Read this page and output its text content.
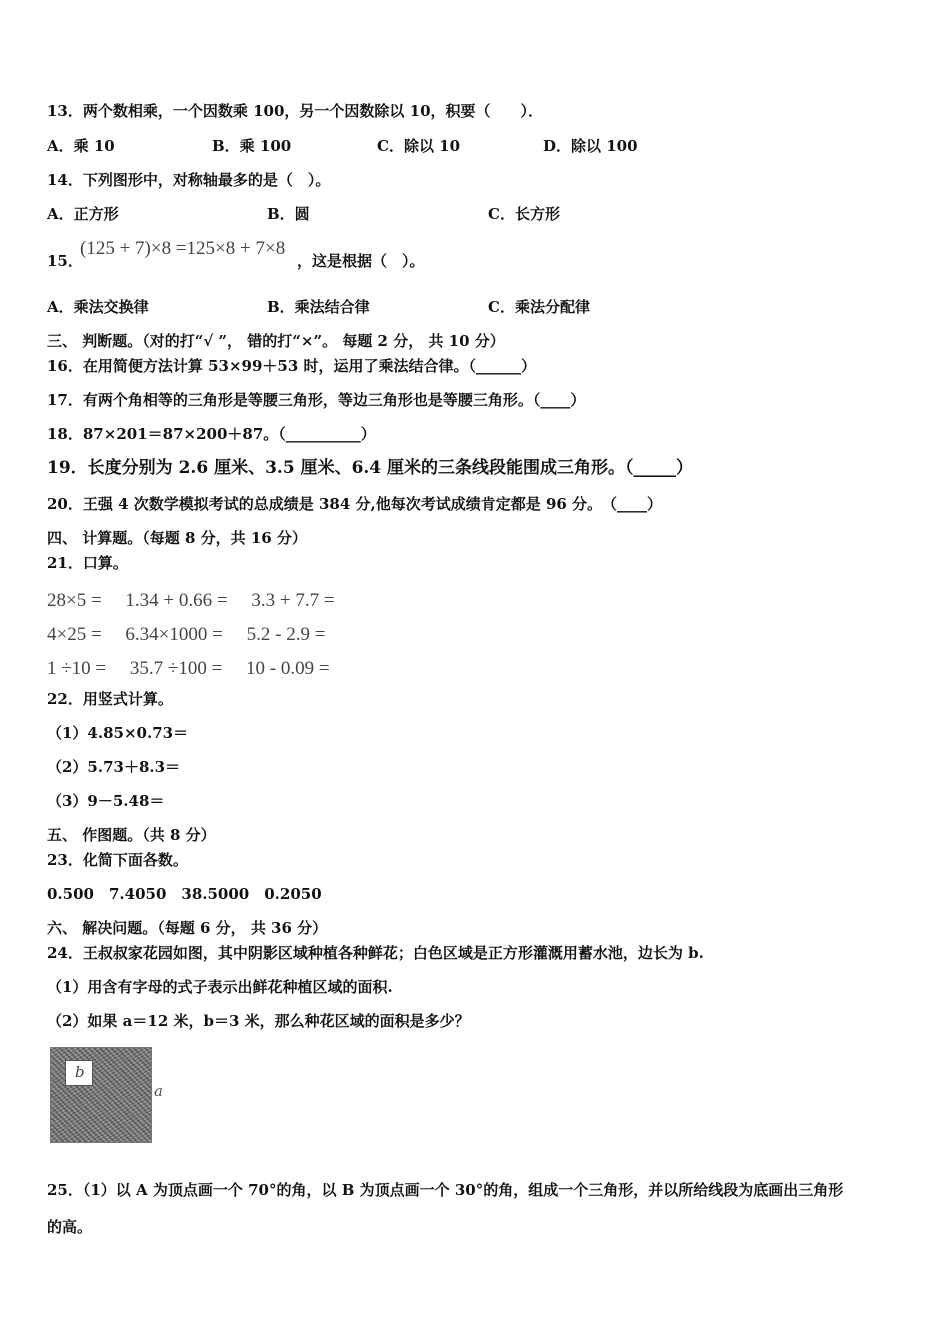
13．两个数相乘，一个因数乘 100，另一个因数除以 10，积要（　　）．
A．乘 10	B．乘 100	C．除以 10	D．除以 100
14．下列图形中，对称轴最多的是（　）。
A．正方形	B．圆	C．长方形
15．
(125 + 7)×8 =125×8 + 7×8
，这是根据（　）。
A．乘法交换律	B．乘法结合律	C．乘法分配律
三、 判断题。（对的打“√ ”， 错的打“×”。 每题 2 分， 共 10 分）
16．在用简便方法计算 53×99＋53 时，运用了乘法结合律。（______）
17．有两个角相等的三角形是等腰三角形，等边三角形也是等腰三角形。（____）
18．87×201＝87×200＋87。（__________）
19．长度分别为 2.6 厘米、3.5 厘米、6.4 厘米的三条线段能围成三角形。（_____）
20．王强 4 次数学模拟考试的总成绩是 384 分,他每次考试成绩肯定都是 96 分。　（____）
四、 计算题。（每题 8 分，共 16 分）
21．口算。
28×5 =　 1.34 + 0.66 =　 3.3 + 7.7 =
4×25 =　 6.34×1000 =　 5.2 - 2.9 =
1 ÷10 =　 35.7 ÷100 =　 10 - 0.09 =
22．用竖式计算。
（1）4.85×0.73＝
（2）5.73＋8.3＝
（3）9－5.48＝
五、 作图题。（共 8 分）
23．化简下面各数。
0.500　7.4050　38.5000　0.2050
六、 解决问题。（每题 6 分， 共 36 分）
24．王叔叔家花园如图，其中阴影区域种植各种鲜花；白色区域是正方形灌溉用蓄水池，边长为 b.
（1）用含有字母的式子表示出鲜花种植区域的面积.
（2）如果 a＝12 米，b＝3 米，那么种花区域的面积是多少？
b
a
25．（1）以 A 为顶点画一个 70°的角，以 B 为顶点画一个 30°的角，组成一个三角形，并以所给线段为底画出三角形
的高。
